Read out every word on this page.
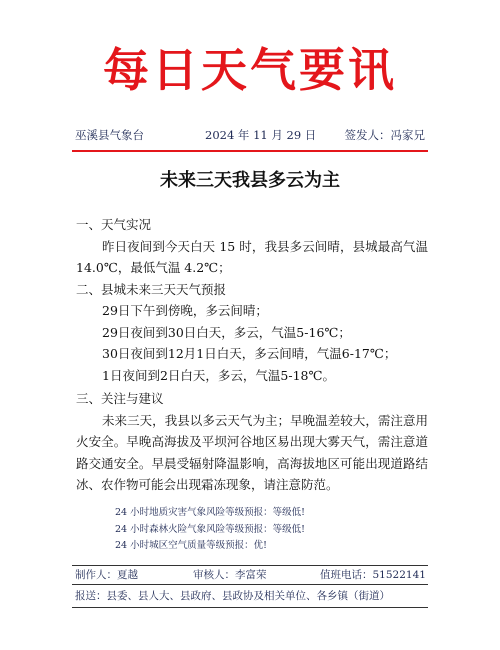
每日天气要讯
巫溪县气象台	2024 年 11 月 29 日 签发人：冯家兄
未来三天我县多云为主

一、天气实况

昨日夜间到今天白天 15 时，我县多云间晴，县城最高气温 14.0℃，最低气温 4.2℃；

二、县城未来三天天气预报

29日下午到傍晚，多云间晴；

29日夜间到30日白天，多云，气温5-16℃；

30日夜间到12月1日白天，多云间晴，气温6-17℃；

1日夜间到2日白天，多云，气温5-18℃。

三、关注与建议

未来三天，我县以多云天气为主；早晚温差较大，需注意用火安全。早晚高海拔及平坝河谷地区易出现大雾天气，需注意道路交通安全。早晨受辐射降温影响，高海拔地区可能出现道路结冰、农作物可能会出现霜冻现象，请注意防范。

24 小时地质灾害气象风险等级预报：等级低!
24 小时森林火险气象风险等级预报：等级低!
24 小时城区空气质量等级预报：优!
制作人：夏越	审核人：李富荣	值班电话：51522141
报送：县委、县人大、县政府、县政协及相关单位、各乡镇（街道）
